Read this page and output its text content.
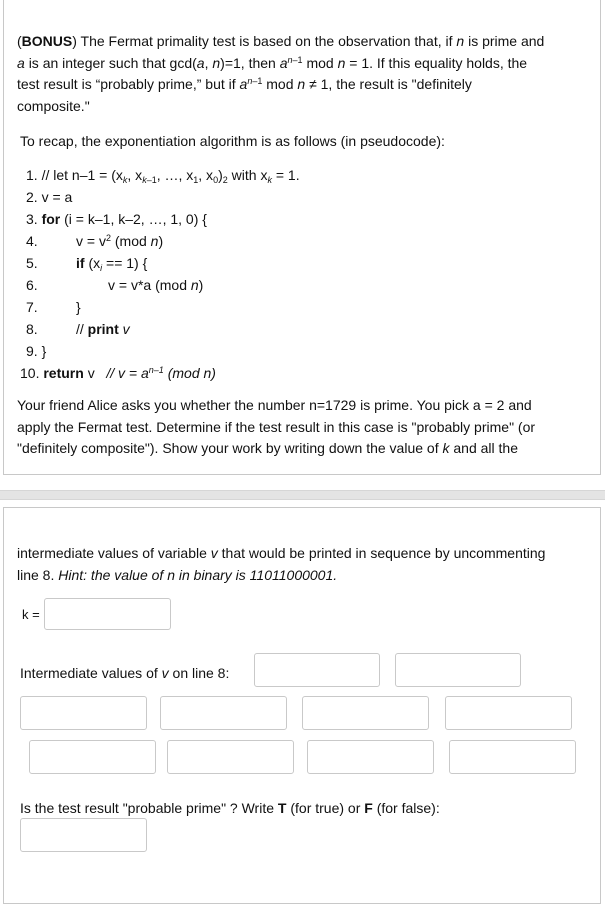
(BONUS) The Fermat primality test is based on the observation that, if n is prime and
a is an integer such that gcd(a, n)=1, then $a^{n-1}$ mod n = 1. If this equality holds, the
test result is “probably prime,” but if $a^{n-1}$ mod n ≠ 1, the result is "definitely
composite."
To recap, the exponentiation algorithm is as follows (in pseudocode):
1. // let $n-1 = (x_k$, $x_{k-1}$, …, $x_1$, $x_0)_2$ with $x_k = 1$.
2. v = a
3. for (i = k–1, k–2, …, 1, 0) {
4.	$v = v^2$ (mod n)
5.	if $(x_i == 1)$ {
6.	v = v*a (mod n)
7.	}
8.	// print v
9. }
10. return $v // v = a^{n-1}$ (mod n)
Your friend Alice asks you whether the number n=1729 is prime. You pick a = 2 and
apply the Fermat test. Determine if the test result in this case is "probably prime" (or
"definitely composite"). Show your work by writing down the value of k and all the
intermediate values of variable v that would be printed in sequence by uncommenting
line 8. Hint: the value of n in binary is 11011000001.
k =
Intermediate values of v on line 8:
Is the test result "probable prime" ? Write T (for true) or F (for false):
